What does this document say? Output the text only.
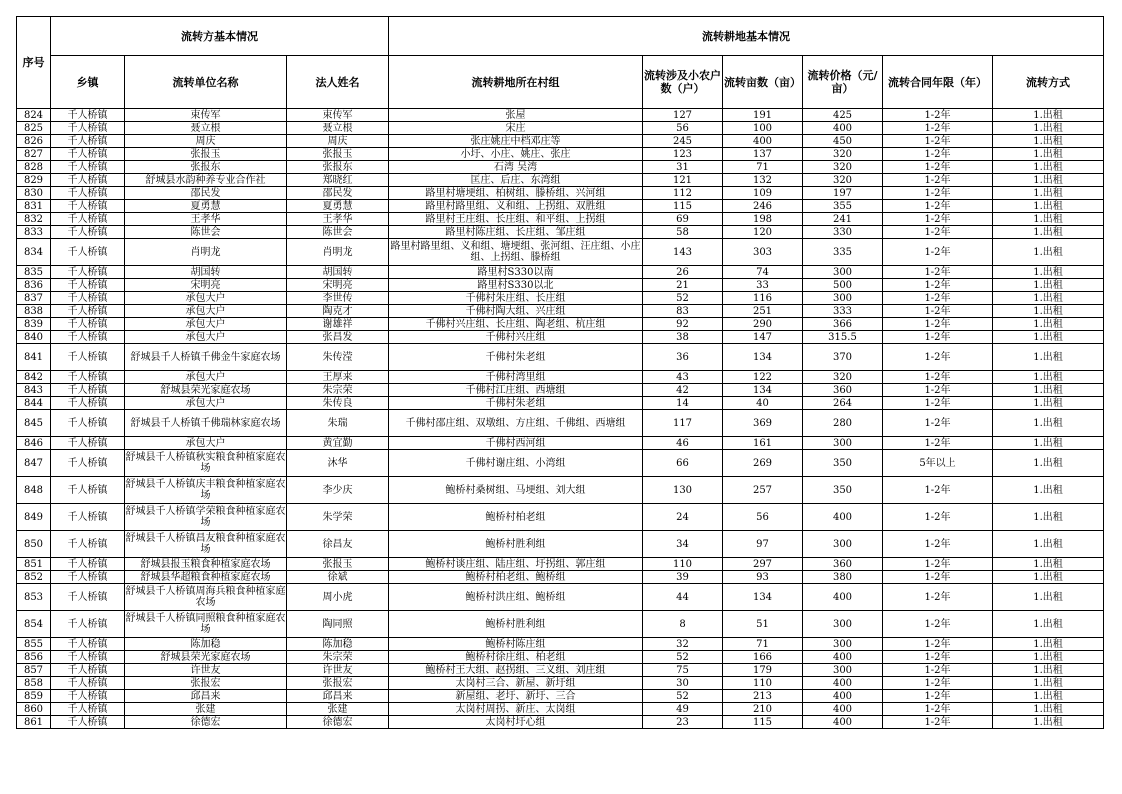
序号	流转方基本情况			流转耕地基本情况					
	乡镇	流转单位名称	法人姓名	流转耕地所在村组	流转涉及小农户数（户）	流转亩数（亩）	流转价格（元/亩）	流转合同年限（年）	流转方式
824	千人桥镇	束传军	束传军	张屋	127	191	425	1-2年	1.出租
825	千人桥镇	聂立根	聂立根	宋庄	56	100	400	1-2年	1.出租
826	千人桥镇	周庆	周庆	张庄姚庄中档邓庄等	245	400	450	1-2年	1.出租
827	千人桥镇	张报玉	张报玉	小圩、小庄、姚庄、张庄	123	137	320	1-2年	1.出租
828	千人桥镇	张报东	张报东	石湾 吴湾	31	71	320	1-2年	1.出租
829	千人桥镇	舒城县水韵种养专业合作社	郑晓红	匡庄、后庄、东湾组	121	132	320	1-2年	1.出租
830	千人桥镇	邵民发	邵民发	路里村塘埂组、柏树组、滕桥组、兴河组	112	109	197	1-2年	1.出租
831	千人桥镇	夏勇慧	夏勇慧	路里村路里组、义和组、上拐组、双胜组	115	246	355	1-2年	1.出租
832	千人桥镇	王孝华	王孝华	路里村王庄组、长庄组、和平组、上拐组	69	198	241	1-2年	1.出租
833	千人桥镇	陈世会	陈世会	路里村陈庄组、长庄组、邹庄组	58	120	330	1-2年	1.出租
834	千人桥镇	肖明龙	肖明龙	路里村路里组、义和组、塘埂组、张河组、汪庄组、小庄组、上拐组、滕桥组	143	303	335	1-2年	1.出租
835	千人桥镇	胡国转	胡国转	路里村S330以南	26	74	300	1-2年	1.出租
836	千人桥镇	宋明亮	宋明亮	路里村S330以北	21	33	500	1-2年	1.出租
837	千人桥镇	承包大户	李世传	千佛村朱庄组、长庄组	52	116	300	1-2年	1.出租
838	千人桥镇	承包大户	陶克才	千佛村陶大组、兴庄组	83	251	333	1-2年	1.出租
839	千人桥镇	承包大户	谢雄祥	千佛村兴庄组、长庄组、陶老组、杭庄组	92	290	366	1-2年	1.出租
840	千人桥镇	承包大户	张昌发	千佛村兴庄组	38	147	315.5	1-2年	1.出租
841	千人桥镇	舒城县千人桥镇千佛金牛家庭农场	朱传滢	千佛村朱老组	36	134	370	1-2年	1.出租
842	千人桥镇	承包大户	王厚来	千佛村湾里组	43	122	320	1-2年	1.出租
843	千人桥镇	舒城县荣光家庭农场	朱宗荣	千佛村江庄组、西塘组	42	134	360	1-2年	1.出租
844	千人桥镇	承包大户	朱传良	千佛村朱老组	14	40	264	1-2年	1.出租
845	千人桥镇	舒城县千人桥镇千佛瑞林家庭农场	朱瑞	千佛村邵庄组、双墩组、方庄组、千佛组、西塘组	117	369	280	1-2年	1.出租
846	千人桥镇	承包大户	黄宜勤	千佛村西河组	46	161	300	1-2年	1.出租
847	千人桥镇	舒城县千人桥镇秋实粮食种植家庭农场	沐华	千佛村谢庄组、小湾组	66	269	350	5年以上	1.出租
848	千人桥镇	舒城县千人桥镇庆丰粮食种植家庭农场	李少庆	鲍桥村桑树组、马埂组、刘大组	130	257	350	1-2年	1.出租
849	千人桥镇	舒城县千人桥镇学荣粮食种植家庭农场	朱学荣	鲍桥村柏老组	24	56	400	1-2年	1.出租
850	千人桥镇	舒城县千人桥镇昌友粮食种植家庭农场	徐昌友	鲍桥村胜利组	34	97	300	1-2年	1.出租
851	千人桥镇	舒城县报玉粮食种植家庭农场	张报玉	鲍桥村谈庄组、陆庄组、圩拐组、郭庄组	110	297	360	1-2年	1.出租
852	千人桥镇	舒城县华超粮食种植家庭农场	徐斌	鲍桥村柏老组、鲍桥组	39	93	380	1-2年	1.出租
853	千人桥镇	舒城县千人桥镇周海兵粮食种植家庭农场	周小虎	鲍桥村洪庄组、鲍桥组	44	134	400	1-2年	1.出租
854	千人桥镇	舒城县千人桥镇同照粮食种植家庭农场	陶同照	鲍桥村胜利组	8	51	300	1-2年	1.出租
855	千人桥镇	陈加稳	陈加稳	鲍桥村陈庄组	32	71	300	1-2年	1.出租
856	千人桥镇	舒城县荣光家庭农场	朱宗荣	鲍桥村徐庄组、柏老组	52	166	400	1-2年	1.出租
857	千人桥镇	许世友	许世友	鲍桥村王大组、赵拐组、三义组、刘庄组	75	179	300	1-2年	1.出租
858	千人桥镇	张报宏	张报宏	太岗村三合、新屋、新圩组	30	110	400	1-2年	1.出租
859	千人桥镇	邱昌来	邱昌来	新屋组、老圩、新圩、三合	52	213	400	1-2年	1.出租
860	千人桥镇	张建	张建	太岗村周拐、新庄、太岗组	49	210	400	1-2年	1.出租
861	千人桥镇	徐德宏	徐德宏	太岗村圩心组	23	115	400	1-2年	1.出租
